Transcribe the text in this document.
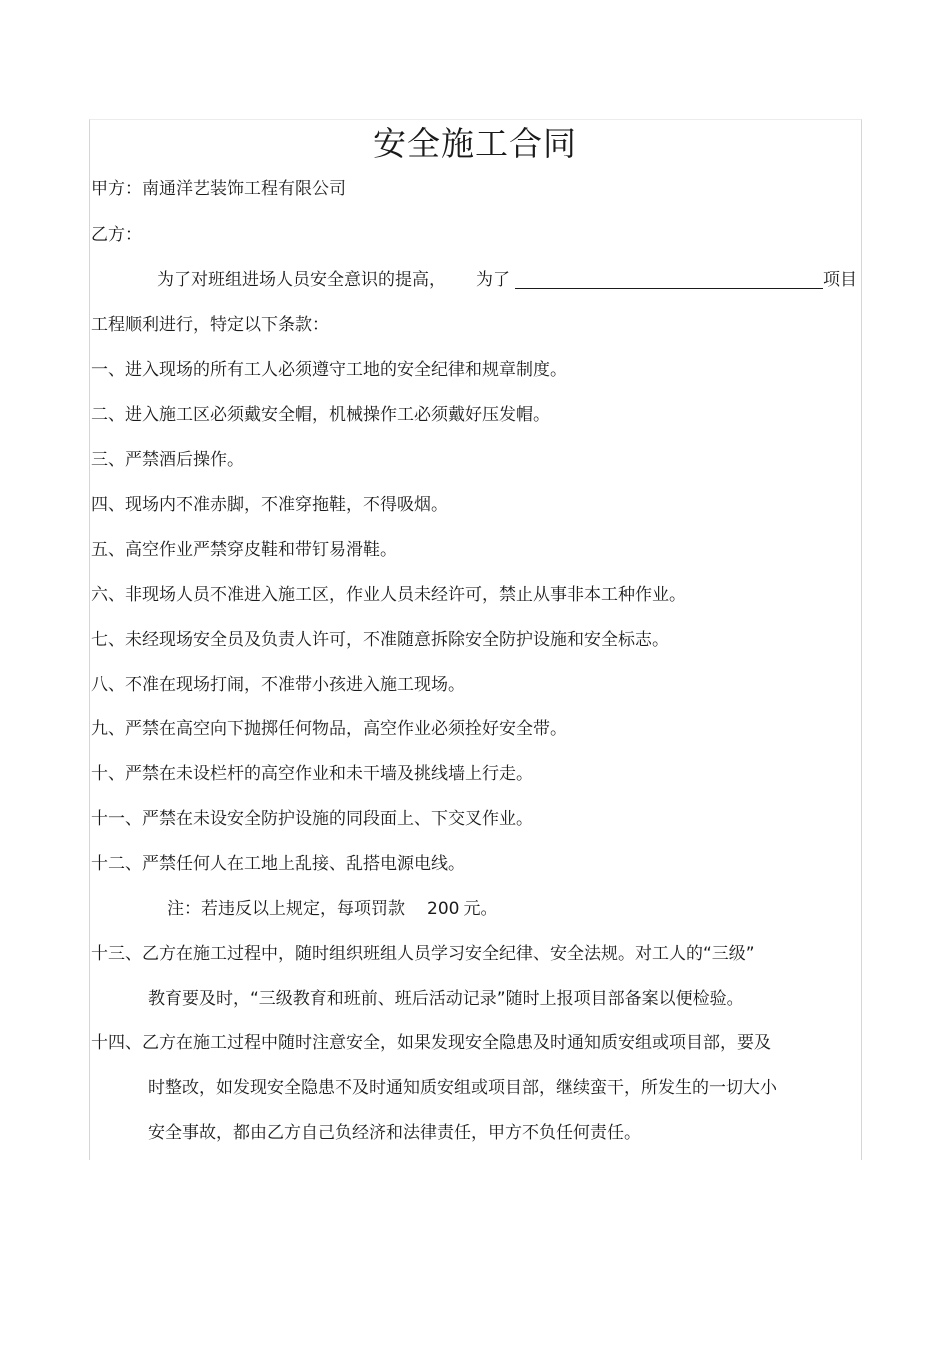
安全施工合同
甲方：南通洋艺装饰工程有限公司
乙方：
为了对班组进场人员安全意识的提高， 为了	项目
工程顺利进行，特定以下条款：
一、进入现场的所有工人必须遵守工地的安全纪律和规章制度。
二、进入施工区必须戴安全帽，机械操作工必须戴好压发帽。
三、严禁酒后操作。
四、现场内不准赤脚，不准穿拖鞋，不得吸烟。
五、高空作业严禁穿皮鞋和带钉易滑鞋。
六、非现场人员不准进入施工区，作业人员未经许可，禁止从事非本工种作业。
七、未经现场安全员及负责人许可，不准随意拆除安全防护设施和安全标志。
八、不准在现场打闹，不准带小孩进入施工现场。
九、严禁在高空向下抛掷任何物品，高空作业必须拴好安全带。
十、严禁在未设栏杆的高空作业和未干墙及挑线墙上行走。
十一、严禁在未设安全防护设施的同段面上、下交叉作业。
十二、严禁任何人在工地上乱接、乱搭电源电线。
注：若违反以上规定，每项罚款 200 元。
十三、乙方在施工过程中，随时组织班组人员学习安全纪律、安全法规。对工人的“三级”
教育要及时，“三级教育和班前、班后活动记录”随时上报项目部备案以便检验。
十四、乙方在施工过程中随时注意安全，如果发现安全隐患及时通知质安组或项目部，要及
时整改，如发现安全隐患不及时通知质安组或项目部，继续蛮干，所发生的一切大小
安全事故，都由乙方自己负经济和法律责任，甲方不负任何责任。
